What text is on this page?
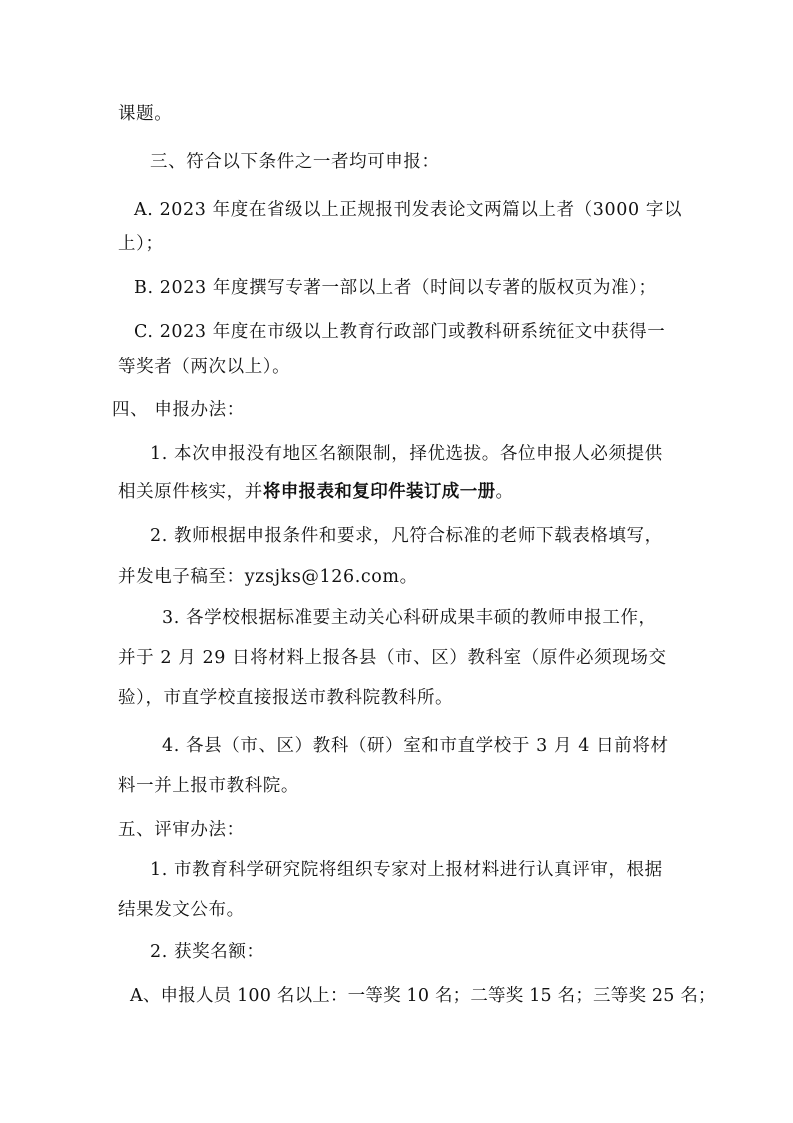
课题。
三、符合以下条件之一者均可申报：
A. 2023 年度在省级以上正规报刊发表论文两篇以上者（3000 字以
上）；
B. 2023 年度撰写专著一部以上者（时间以专著的版权页为准）；
C. 2023 年度在市级以上教育行政部门或教科研系统征文中获得一
等奖者（两次以上）。
四、 申报办法：
1. 本次申报没有地区名额限制，择优选拔。各位申报人必须提供
相关原件核实，并将申报表和复印件装订成一册。
2. 教师根据申报条件和要求，凡符合标准的老师下载表格填写，
并发电子稿至：yzsjks@126.com。
3. 各学校根据标准要主动关心科研成果丰硕的教师申报工作，
并于 2 月 29 日将材料上报各县（市、区）教科室（原件必须现场交
验），市直学校直接报送市教科院教科所。
4. 各县（市、区）教科（研）室和市直学校于 3 月 4 日前将材
料一并上报市教科院。
五、评审办法：
1. 市教育科学研究院将组织专家对上报材料进行认真评审，根据
结果发文公布。
2. 获奖名额：
A、申报人员 100 名以上：一等奖 10 名；二等奖 15 名；三等奖 25 名；
